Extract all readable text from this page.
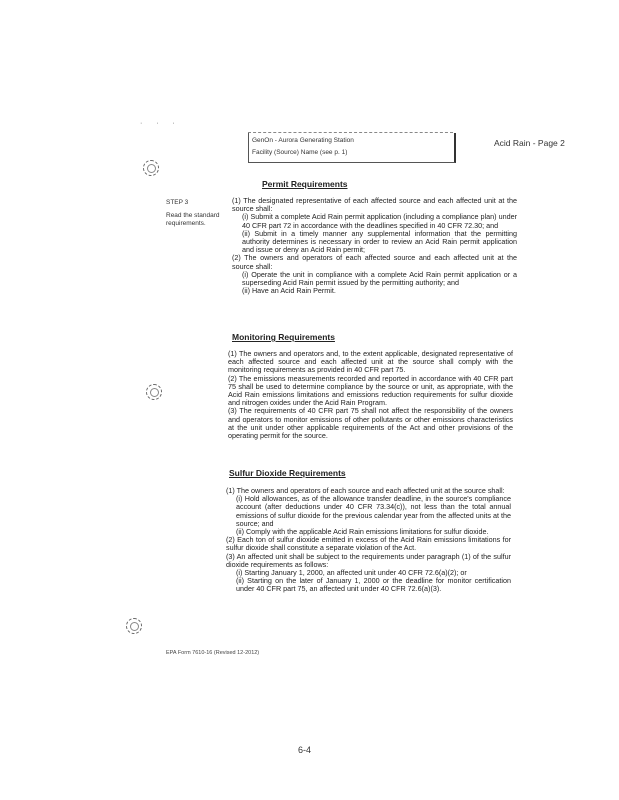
· · ·
GenOn - Aurora Generating Station
Facility (Source) Name (see p. 1)
Acid Rain - Page 2
STEP 3
Read the standard requirements.
Permit Requirements

(1) The designated representative of each affected source and each affected unit at the source shall:

(i) Submit a complete Acid Rain permit application (including a compliance plan) under 40 CFR part 72 in accordance with the deadlines specified in 40 CFR 72.30; and

(ii) Submit in a timely manner any supplemental information that the permitting authority determines is necessary in order to review an Acid Rain permit application and issue or deny an Acid Rain permit;

(2) The owners and operators of each affected source and each affected unit at the source shall:

(i) Operate the unit in compliance with a complete Acid Rain permit application or a superseding Acid Rain permit issued by the permitting authority; and

(ii) Have an Acid Rain Permit.

Monitoring Requirements

(1) The owners and operators and, to the extent applicable, designated representative of each affected source and each affected unit at the source shall comply with the monitoring requirements as provided in 40 CFR part 75.

(2) The emissions measurements recorded and reported in accordance with 40 CFR part 75 shall be used to determine compliance by the source or unit, as appropriate, with the Acid Rain emissions limitations and emissions reduction requirements for sulfur dioxide and nitrogen oxides under the Acid Rain Program.

(3) The requirements of 40 CFR part 75 shall not affect the responsibility of the owners and operators to monitor emissions of other pollutants or other emissions characteristics at the unit under other applicable requirements of the Act and other provisions of the operating permit for the source.

Sulfur Dioxide Requirements

(1) The owners and operators of each source and each affected unit at the source shall:

(i) Hold allowances, as of the allowance transfer deadline, in the source's compliance account (after deductions under 40 CFR 73.34(c)), not less than the total annual emissions of sulfur dioxide for the previous calendar year from the affected units at the source; and

(ii) Comply with the applicable Acid Rain emissions limitations for sulfur dioxide.

(2) Each ton of sulfur dioxide emitted in excess of the Acid Rain emissions limitations for sulfur dioxide shall constitute a separate violation of the Act.

(3) An affected unit shall be subject to the requirements under paragraph (1) of the sulfur dioxide requirements as follows:

(i) Starting January 1, 2000, an affected unit under 40 CFR 72.6(a)(2); or

(ii) Starting on the later of January 1, 2000 or the deadline for monitor certification under 40 CFR part 75, an affected unit under 40 CFR 72.6(a)(3).

EPA Form 7610-16 (Revised 12-2012)
6-4
